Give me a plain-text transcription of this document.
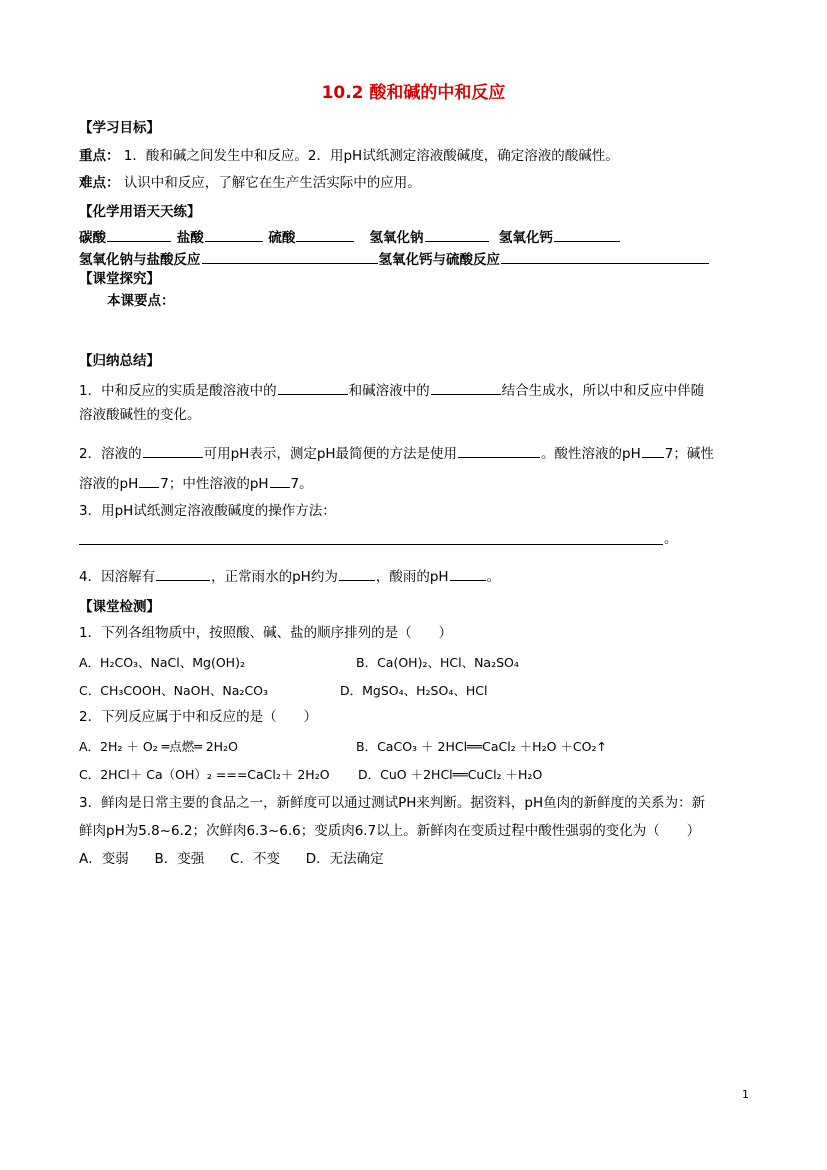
10.2 酸和碱的中和反应
【学习目标】
重点： 1．酸和碱之间发生中和反应。2．用pH试纸测定溶液酸碱度，确定溶液的酸碱性。
难点： 认识中和反应，了解它在生产生活实际中的应用。
【化学用语天天练】
碳酸	盐酸	硫酸	氢氧化钠	氢氧化钙
氢氧化钠与盐酸反应	氢氧化钙与硫酸反应
【课堂探究】
本课要点：
【归纳总结】
1．中和反应的实质是酸溶液中的	和碱溶液中的	结合生成水，所以中和反应中伴随
溶液酸碱性的变化。
2．溶液的	可用pH表示，测定pH最简便的方法是使用	。酸性溶液的pH 7；碱性
溶液的pH 7；中性溶液的pH 7。
3．用pH试纸测定溶液酸碱度的操作方法：
。
4．因溶解有	，正常雨水的pH约为	，酸雨的pH	。
【课堂检测】
1．下列各组物质中，按照酸、碱、盐的顺序排列的是（　　）
A．H₂CO₃、NaCl、Mg(OH)₂	B．Ca(OH)₂、HCl、Na₂SO₄
C．CH₃COOH、NaOH、Na₂CO₃	D．MgSO₄、H₂SO₄、HCl
2．下列反应属于中和反应的是（　　）
A．2H₂ ＋ O₂ ═点燃═ 2H₂O	B．CaCO₃ ＋ 2HCl══CaCl₂ ＋H₂O ＋CO₂↑
C．2HCl＋ Ca（OH）₂ ===CaCl₂＋ 2H₂O D．CuO ＋2HCl══CuCl₂ ＋H₂O
3．鲜肉是日常主要的食品之一，新鲜度可以通过测试PH来判断。据资料，pH鱼肉的新鲜度的关系为：新
鲜肉pH为5.8~6.2；次鲜肉6.3~6.6；变质肉6.7以上。新鲜肉在变质过程中酸性强弱的变化为（　　）
A．变弱 B．变强 C．不变 D．无法确定
1
